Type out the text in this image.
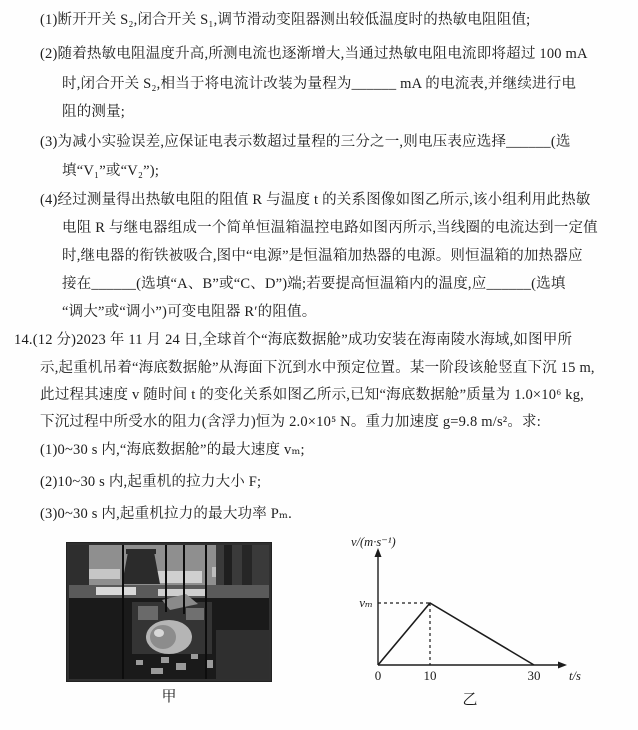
(1)断开开关 S₂,闭合开关 S₁,调节滑动变阻器测出较低温度时的热敏电阻阻值;
(2)随着热敏电阻温度升高,所测电流也逐渐增大,当通过热敏电阻电流即将超过 100 mA
时,闭合开关 S₂,相当于将电流计改装为量程为______ mA 的电流表,并继续进行电
阻的测量;
(3)为减小实验误差,应保证电表示数超过量程的三分之一,则电压表应选择______(选
填“V₁”或“V₂”);
(4)经过测量得出热敏电阻的阻值 R 与温度 t 的关系图像如图乙所示,该小组利用此热敏
电阻 R 与继电器组成一个简单恒温箱温控电路如图丙所示,当线圈的电流达到一定值
时,继电器的衔铁被吸合,图中“电源”是恒温箱加热器的电源。则恒温箱的加热器应
接在______(选填“A、B”或“C、D”)端;若要提高恒温箱内的温度,应______(选填
“调大”或“调小”)可变电阻器 R′的阻值。
14.(12 分)2023 年 11 月 24 日,全球首个“海底数据舱”成功安装在海南陵水海域,如图甲所
示,起重机吊着“海底数据舱”从海面下沉到水中预定位置。某一阶段该舱竖直下沉 15 m,
此过程其速度 v 随时间 t 的变化关系如图乙所示,已知“海底数据舱”质量为 1.0×10⁶ kg,
下沉过程中所受水的阻力(含浮力)恒为 2.0×10⁵ N。重力加速度 g=9.8 m/s²。求:
(1)0~30 s 内,“海底数据舱”的最大速度 vₘ;
(2)10~30 s 内,起重机的拉力大小 F;
(3)0~30 s 内,起重机拉力的最大功率 Pₘ.
甲
v/(m·s⁻¹)
t/s
vₘ
0	10	30
乙
